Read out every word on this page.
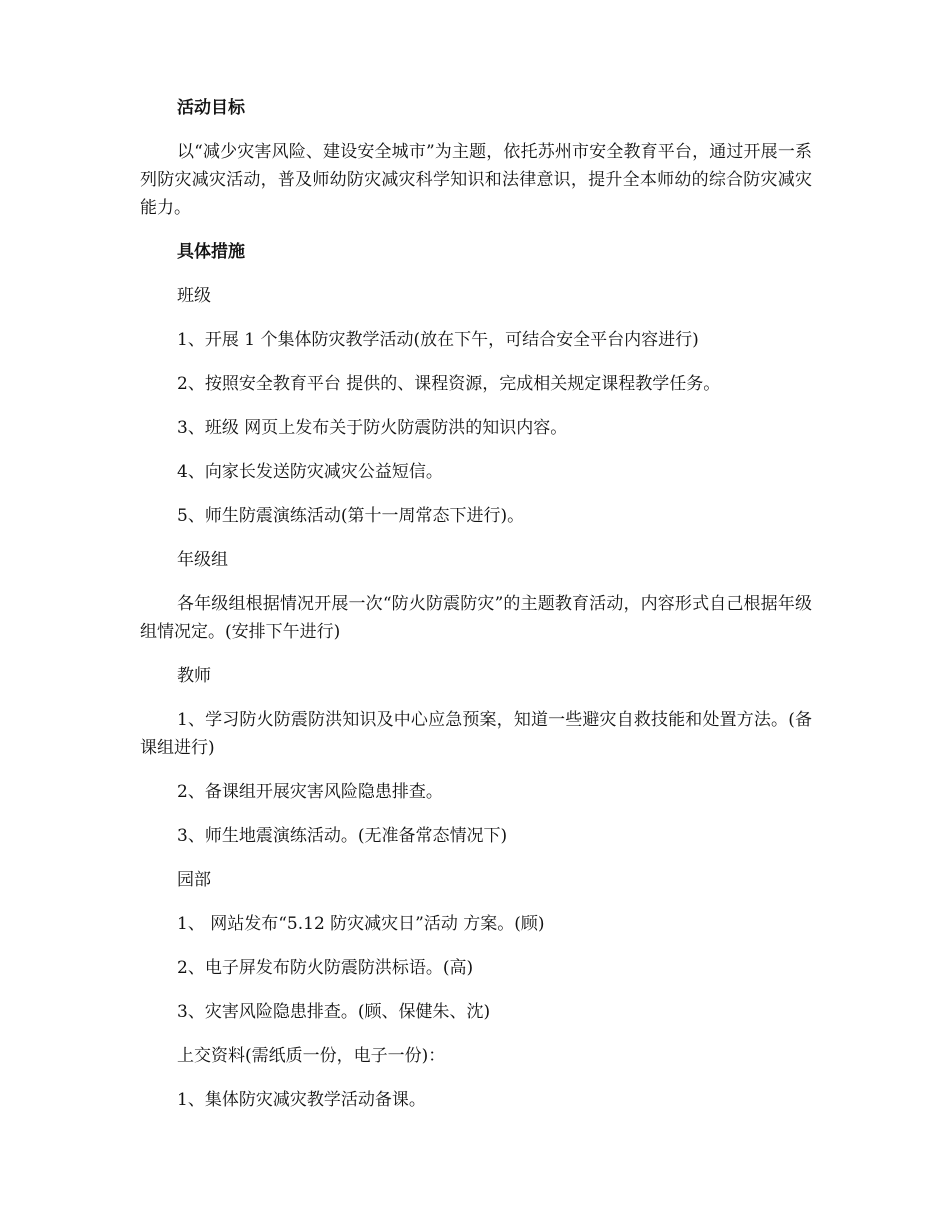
活动目标
以“减少灾害风险、建设安全城市”为主题，依托苏州市安全教育平台，通过开展一系列防灾减灾活动，普及师幼防灾减灾科学知识和法律意识，提升全本师幼的综合防灾减灾能力。
具体措施
班级
1、开展 1 个集体防灾教学活动(放在下午，可结合安全平台内容进行)
2、按照安全教育平台 提供的、课程资源，完成相关规定课程教学任务。
3、班级 网页上发布关于防火防震防洪的知识内容。
4、向家长发送防灾减灾公益短信。
5、师生防震演练活动(第十一周常态下进行)。
年级组
各年级组根据情况开展一次“防火防震防灾”的主题教育活动，内容形式自己根据年级组情况定。(安排下午进行)
教师
1、学习防火防震防洪知识及中心应急预案，知道一些避灾自救技能和处置方法。(备课组进行)
2、备课组开展灾害风险隐患排查。
3、师生地震演练活动。(无准备常态情况下)
园部
1、 网站发布“5.12 防灾减灾日”活动 方案。(顾)
2、电子屏发布防火防震防洪标语。(高)
3、灾害风险隐患排查。(顾、保健朱、沈)
上交资料(需纸质一份，电子一份)：
1、集体防灾减灾教学活动备课。
